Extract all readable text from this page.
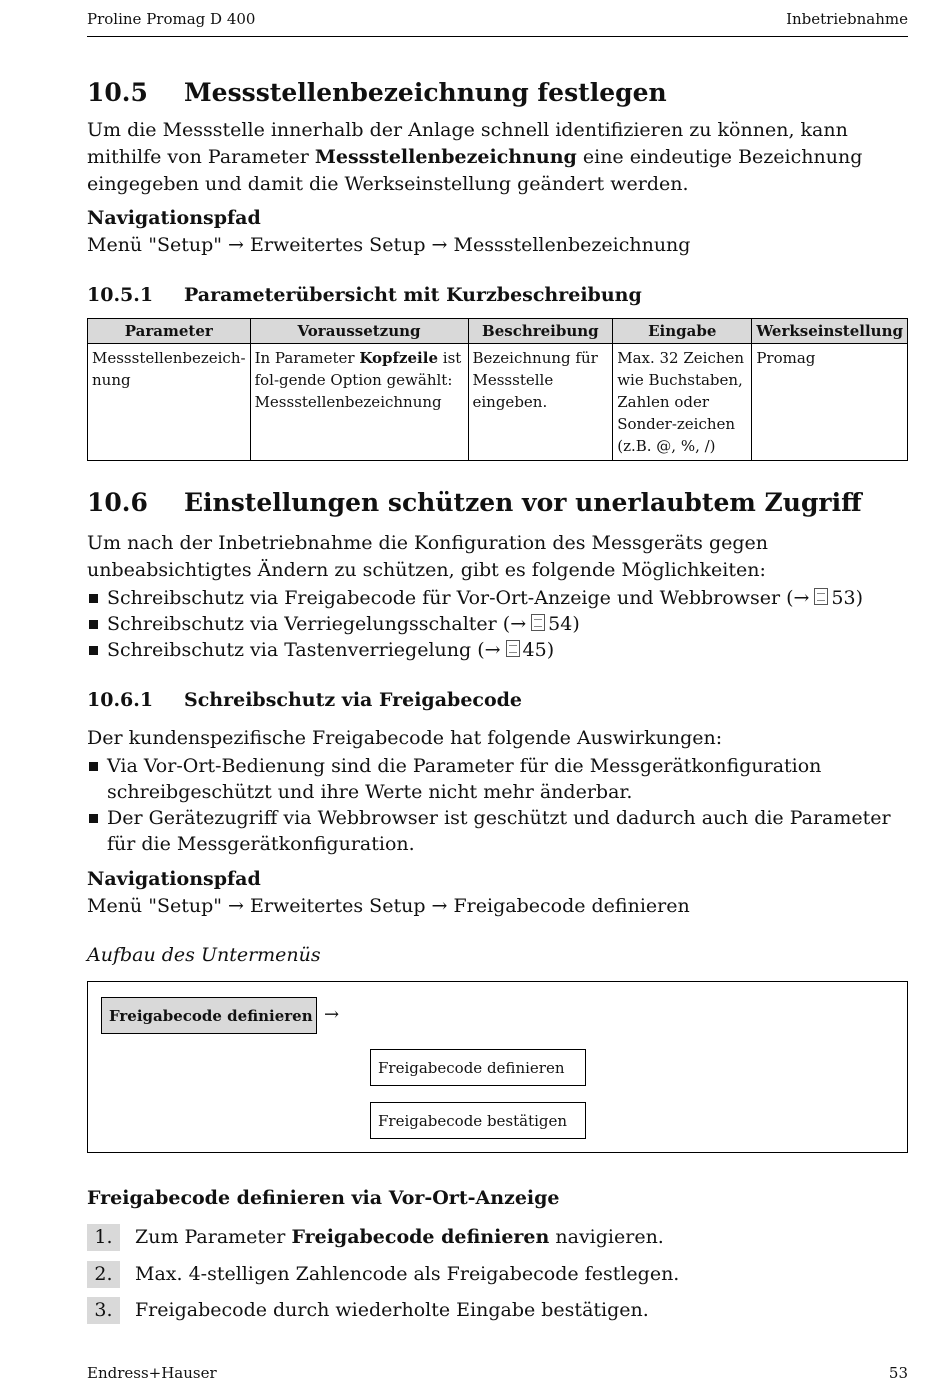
Proline Promag D 400	Inbetriebnahme
10.5 Messstellenbezeichnung festlegen
Um die Messstelle innerhalb der Anlage schnell identifizieren zu können, kann mithilfe von Parameter Messstellenbezeichnung eine eindeutige Bezeichnung eingegeben und damit die Werkseinstellung geändert werden.
Navigationspfad
Menü "Setup" → Erweitertes Setup → Messstellenbezeichnung
10.5.1 Parameterübersicht mit Kurzbeschreibung
Parameter	Voraussetzung	Beschreibung	Eingabe	Werkseinstellung
Messstellenbezeich-nung	In Parameter Kopfzeile ist fol-gende Option gewählt: Messstellenbezeichnung	Bezeichnung für Messstelle eingeben.	Max. 32 Zeichen wie Buchstaben, Zahlen oder Sonder-zeichen (z.B. @, %, /)	Promag
10.6 Einstellungen schützen vor unerlaubtem Zugriff
Um nach der Inbetriebnahme die Konfiguration des Messgeräts gegen unbeabsichtigtes Ändern zu schützen, gibt es folgende Möglichkeiten:
Schreibschutz via Freigabecode für Vor-Ort-Anzeige und Webbrowser (→ 53)
Schreibschutz via Verriegelungsschalter (→ 54)
Schreibschutz via Tastenverriegelung (→ 45)
10.6.1 Schreibschutz via Freigabecode
Der kundenspezifische Freigabecode hat folgende Auswirkungen:
Via Vor-Ort-Bedienung sind die Parameter für die Messgerätkonfiguration schreibgeschützt und ihre Werte nicht mehr änderbar.
Der Gerätezugriff via Webbrowser ist geschützt und dadurch auch die Parameter für die Messgerätkonfiguration.
Navigationspfad
Menü "Setup" → Erweitertes Setup → Freigabecode definieren
Aufbau des Untermenüs
Freigabecode definieren →
Freigabecode definieren
Freigabecode bestätigen
Freigabecode definieren via Vor-Ort-Anzeige
1. Zum Parameter Freigabecode definieren navigieren.
2. Max. 4-stelligen Zahlencode als Freigabecode festlegen.
3. Freigabecode durch wiederholte Eingabe bestätigen.
Endress+Hauser	53
